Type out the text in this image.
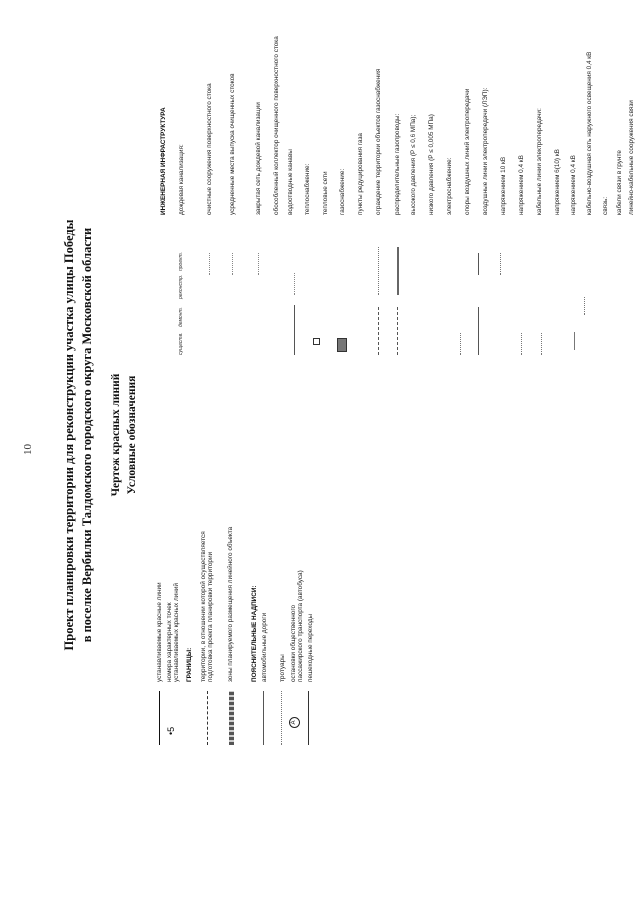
10 Проект планировки территории для реконструкции участка улицы Победы в поселке Вербилки Талдомского городского округа Московской области Чертеж красных линий Условные обозначения
•5
A
устанавливаемые красные линии номера характерных точек устанавливаемых красных линий ГРАНИЦЫ: территории, в отношении которой осуществляется подготовка проекта планировки территории зоны планируемого размещения линейного объекта	ПОЯСНИТЕЛЬНЫЕ НАДПИСИ: автомобильные дороги тротуары остановки общественного пассажирского транспорта (автобуса) пешеходные переходы
существ.
демонт.
реконстр.
проект.
ИНЖЕНЕРНАЯ ИНФРАСТРУКТУРА дождевая канализация:	очистные сооружения поверхностного стока	усредненные места выпуска очищенных стоков	закрытая сеть дождевой канализации обособленный коллектор очищенного поверхностного стока водоотводные канавы теплоснабжение: тепловые сети газоснабжение: пункты редуцирования газа ограждение территории объектов газоснабжения распределительные газопроводы: высокого давления (P ≤ 0,6 МПа); низкого давления (P ≤ 0,005 МПа) электроснабжение: опоры воздушных линий электропередачи воздушные линии электропередачи (ЛЭП): напряжением 10 кВ напряжением 0,4 кВ кабельные линии электропередачи: напряжением 6(10) кВ напряжением 0,4 кВ кабельно-воздушная сеть наружного освещения 0,4 кВ связь: кабели связи в грунте линейно-кабельные сооружения связи
